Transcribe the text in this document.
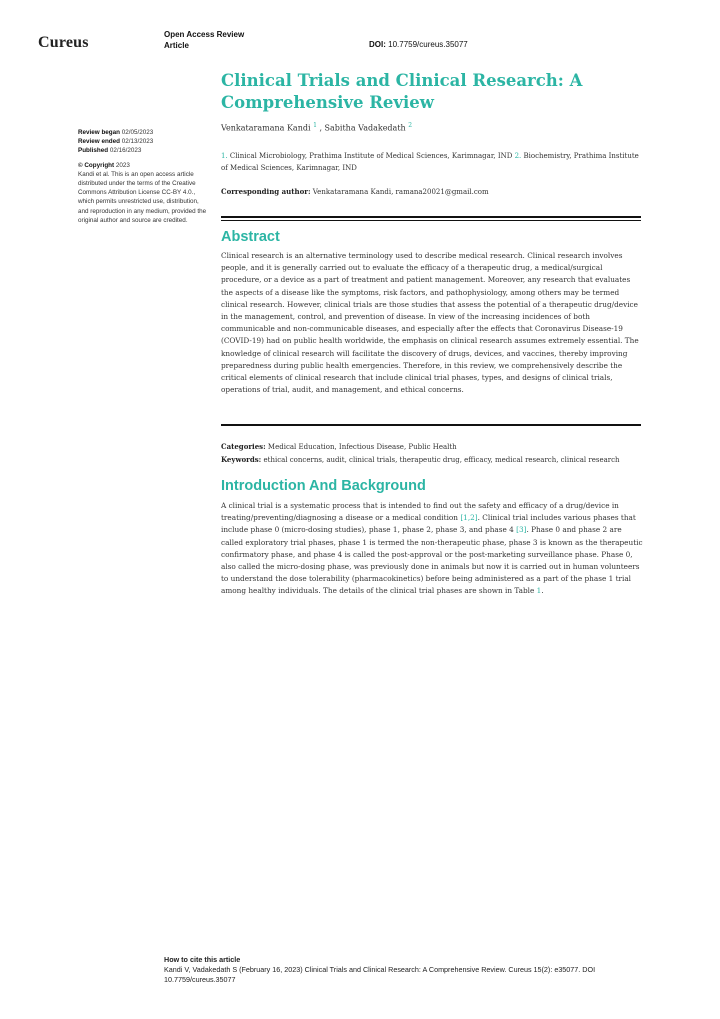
Cureus	Open Access Review
Article	DOI: 10.7759/cureus.35077
Review began 02/05/2023
Review ended 02/13/2023
Published 02/16/2023
© Copyright 2023
Kandi et al. This is an open access article distributed under the terms of the Creative Commons Attribution License CC-BY 4.0., which permits unrestricted use, distribution, and reproduction in any medium, provided the original author and source are credited.
Clinical Trials and Clinical Research: A Comprehensive Review
Venkataramana Kandi $^1$ , Sabitha Vadakedath $^2$
1. Clinical Microbiology, Prathima Institute of Medical Sciences, Karimnagar, IND 2. Biochemistry, Prathima Institute of Medical Sciences, Karimnagar, IND
Corresponding author: Venkataramana Kandi, ramana20021@gmail.com
Abstract

Clinical research is an alternative terminology used to describe medical research. Clinical research involves people, and it is generally carried out to evaluate the efficacy of a therapeutic drug, a medical/surgical procedure, or a device as a part of treatment and patient management. Moreover, any research that evaluates the aspects of a disease like the symptoms, risk factors, and pathophysiology, among others may be termed clinical research. However, clinical trials are those studies that assess the potential of a therapeutic drug/device in the management, control, and prevention of disease. In view of the increasing incidences of both communicable and non-communicable diseases, and especially after the effects that Coronavirus Disease-19 (COVID-19) had on public health worldwide, the emphasis on clinical research assumes extremely essential. The knowledge of clinical research will facilitate the discovery of drugs, devices, and vaccines, thereby improving preparedness during public health emergencies. Therefore, in this review, we comprehensively describe the critical elements of clinical research that include clinical trial phases, types, and designs of clinical trials, operations of trial, audit, and management, and ethical concerns.

Categories: Medical Education, Infectious Disease, Public Health
Keywords: ethical concerns, audit, clinical trials, therapeutic drug, efficacy, medical research, clinical research
Introduction And Background

A clinical trial is a systematic process that is intended to find out the safety and efficacy of a drug/device in treating/preventing/diagnosing a disease or a medical condition [1,2]. Clinical trial includes various phases that include phase 0 (micro-dosing studies), phase 1, phase 2, phase 3, and phase 4 [3]. Phase 0 and phase 2 are called exploratory trial phases, phase 1 is termed the non-therapeutic phase, phase 3 is known as the therapeutic confirmatory phase, and phase 4 is called the post-approval or the post-marketing surveillance phase. Phase 0, also called the micro-dosing phase, was previously done in animals but now it is carried out in human volunteers to understand the dose tolerability (pharmacokinetics) before being administered as a part of the phase 1 trial among healthy individuals. The details of the clinical trial phases are shown in Table 1.

How to cite this article
Kandi V, Vadakedath S (February 16, 2023) Clinical Trials and Clinical Research: A Comprehensive Review. Cureus 15(2): e35077. DOI 10.7759/cureus.35077
